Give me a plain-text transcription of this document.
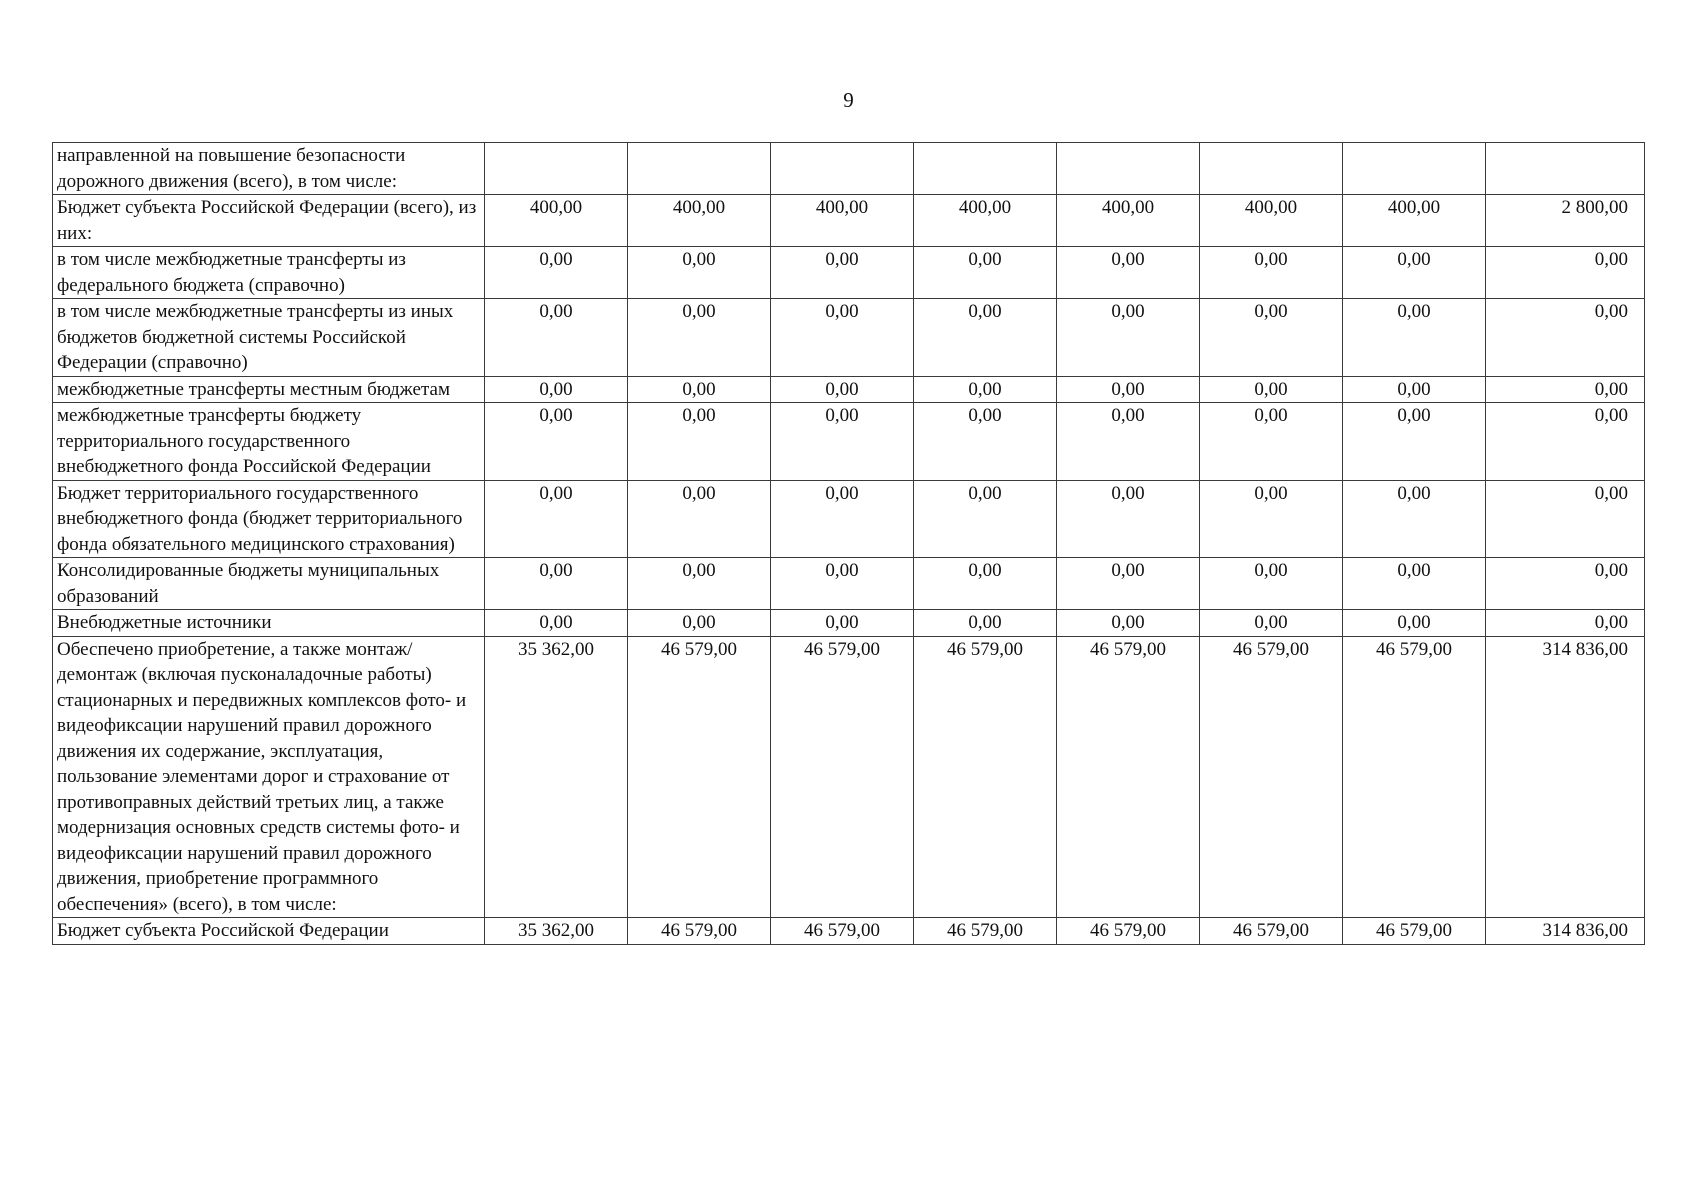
9
направленной на повышение безопасности дорожного движения (всего), в том числе:								
Бюджет субъекта Российской Федерации (всего), из них:	400,00	400,00	400,00	400,00	400,00	400,00	400,00	2 800,00
в том числе межбюджетные трансферты из федерального бюджета (справочно)	0,00	0,00	0,00	0,00	0,00	0,00	0,00	0,00
в том числе межбюджетные трансферты из иных бюджетов бюджетной системы Российской Федерации (справочно)	0,00	0,00	0,00	0,00	0,00	0,00	0,00	0,00
межбюджетные трансферты местным бюджетам	0,00	0,00	0,00	0,00	0,00	0,00	0,00	0,00
межбюджетные трансферты бюджету территориального государственного внебюджетного фонда Российской Федерации	0,00	0,00	0,00	0,00	0,00	0,00	0,00	0,00
Бюджет территориального государственного внебюджетного фонда (бюджет территориального фонда обязательного медицинского страхования)	0,00	0,00	0,00	0,00	0,00	0,00	0,00	0,00
Консолидированные бюджеты муниципальных образований	0,00	0,00	0,00	0,00	0,00	0,00	0,00	0,00
Внебюджетные источники	0,00	0,00	0,00	0,00	0,00	0,00	0,00	0,00
Обеспечено приобретение, а также монтаж/демонтаж (включая пусконаладочные работы) стационарных и передвижных комплексов фото- и видеофиксации нарушений правил дорожного движения их содержание, эксплуатация, пользование элементами дорог и страхование от противоправных действий третьих лиц, а также модернизация основных средств системы фото- и видеофиксации нарушений правил дорожного движения, приобретение программного обеспечения» (всего), в том числе:	35 362,00	46 579,00	46 579,00	46 579,00	46 579,00	46 579,00	46 579,00	314 836,00
Бюджет субъекта Российской Федерации	35 362,00	46 579,00	46 579,00	46 579,00	46 579,00	46 579,00	46 579,00	314 836,00
